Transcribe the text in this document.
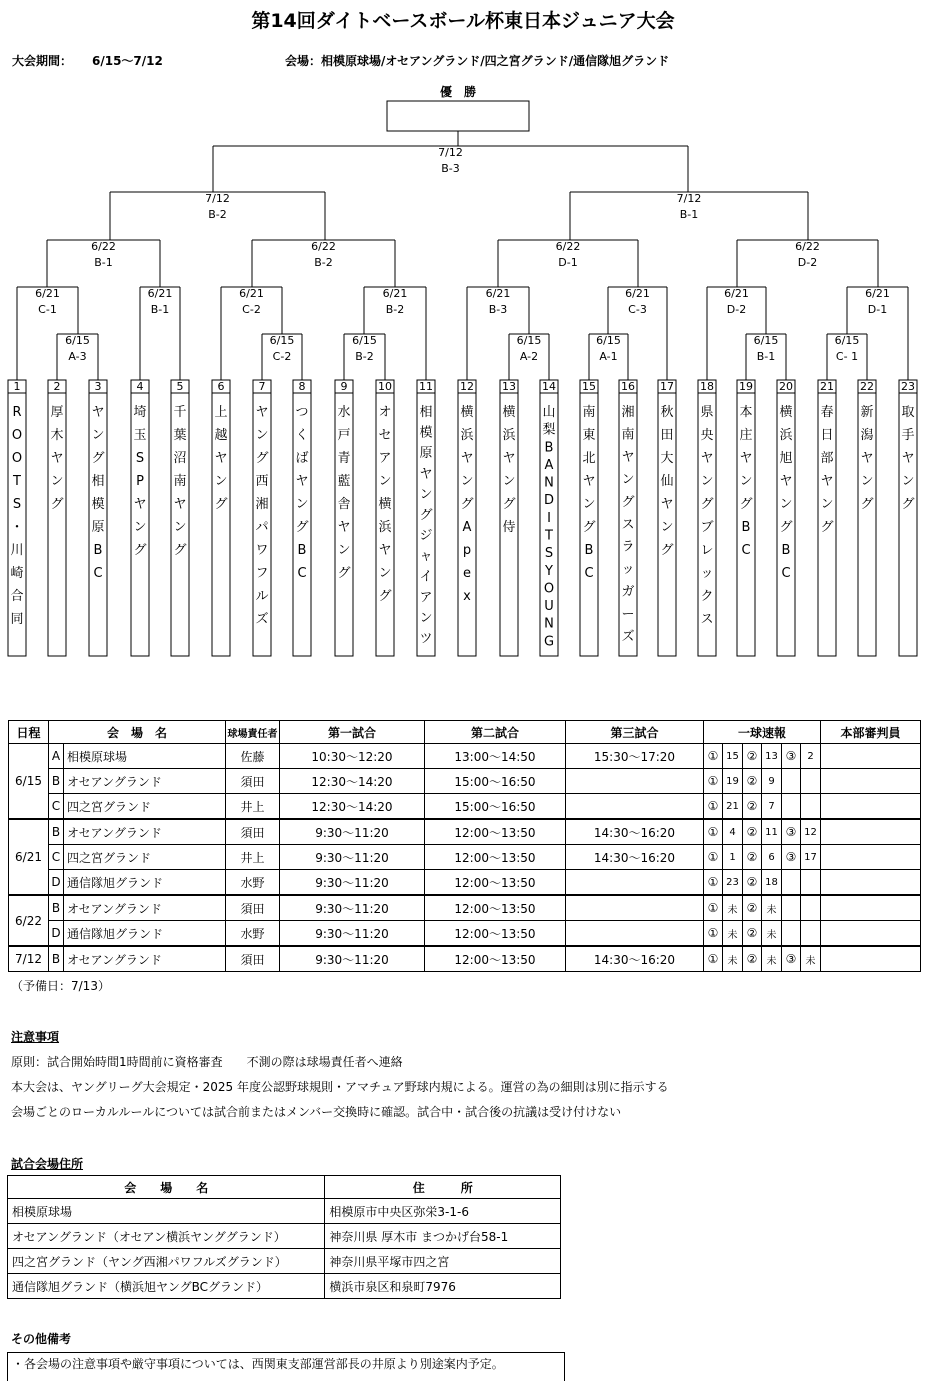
第14回ダイトベースボール杯東日本ジュニア大会
大会期間： 6/15～7/12	会場：相模原球場/オセアングランド/四之宮グランド/通信隊旭グランド
1
R O O T S ・川崎合同
2
厚木ヤング
3
ヤング相模原 B C
4
埼玉 S P ヤング
5
千葉沼南ヤング
6
上越ヤング
7
ヤング西湘パワフルズ
8
つくばヤング B C
9
水戸青藍舎ヤング
10
オセアン横浜ヤング
11
相模原ヤングジャイアンツ
12
横浜ヤング A p e x
13
横浜ヤング侍
14
山梨 B A N D I T S Y O U N G
15
南東北ヤング B C
16
湘南ヤングスラッガーズ
17
秋田大仙ヤング
18
県央ヤングブレックス
19
本庄ヤング B C
20
横浜旭ヤング B C
21
春日部ヤング
22
新潟ヤング
23
取手ヤング
6/15
A-3
6/15
C-2
6/15
B-2
6/15
A-2
6/15
A-1
6/15
B-1
6/15
C- 1
6/21
C-1
6/21
B-1
6/21
C-2
6/21
B-2
6/21
B-3
6/21
C-3
6/21
D-2
6/21
D-1
6/22
B-1
6/22
B-2
6/22
D-1
6/22
D-2
7/12
B-2
7/12
B-1
7/12
B-3
優　勝
日程	会　場　名		球場責任者	第一試合	第二試合	第三試合	一球速報						本部審判員
6/15	A	相模原球場	佐藤	10:30～12:20	13:00～14:50	15:30～17:20	①	15	②	13	③	2	
	B	オセアングランド	須田	12:30～14:20	15:00～16:50		①	19	②	9			
	C	四之宮グランド	井上	12:30～14:20	15:00～16:50		①	21	②	7			
6/21	B	オセアングランド	須田	9:30～11:20	12:00～13:50	14:30～16:20	①	4	②	11	③	12	
	C	四之宮グランド	井上	9:30～11:20	12:00～13:50	14:30～16:20	①	1	②	6	③	17	
	D	通信隊旭グランド	水野	9:30～11:20	12:00～13:50		①	23	②	18			
6/22	B	オセアングランド	須田	9:30～11:20	12:00～13:50		①	未	②	未			
	D	通信隊旭グランド	水野	9:30～11:20	12:00～13:50		①	未	②	未			
7/12	B	オセアングランド	須田	9:30～11:20	12:00～13:50	14:30～16:20	①	未	②	未	③	未	
（予備日：7/13）
注意事項
原則：試合開始時間1時間前に資格審査　　不測の際は球場責任者へ連絡
本大会は、ヤングリーグ大会規定・2025 年度公認野球規則・アマチュア野球内規による。運営の為の細則は別に指示する
会場ごとのローカルルールについては試合前またはメンバー交換時に確認。試合中・試合後の抗議は受け付けない
試合会場住所
会　　場　　名	住　　　所
相模原球場	相模原市中央区弥栄3-1-6
オセアングランド（オセアン横浜ヤンググランド）	神奈川県 厚木市 まつかげ台58-1
四之宮グランド（ヤング西湘パワフルズグランド）	神奈川県平塚市四之宮
通信隊旭グランド（横浜旭ヤングBCグランド）	横浜市泉区和泉町7976
その他備考
・各会場の注意事項や厳守事項については、西関東支部運営部長の井原より別途案内予定。
